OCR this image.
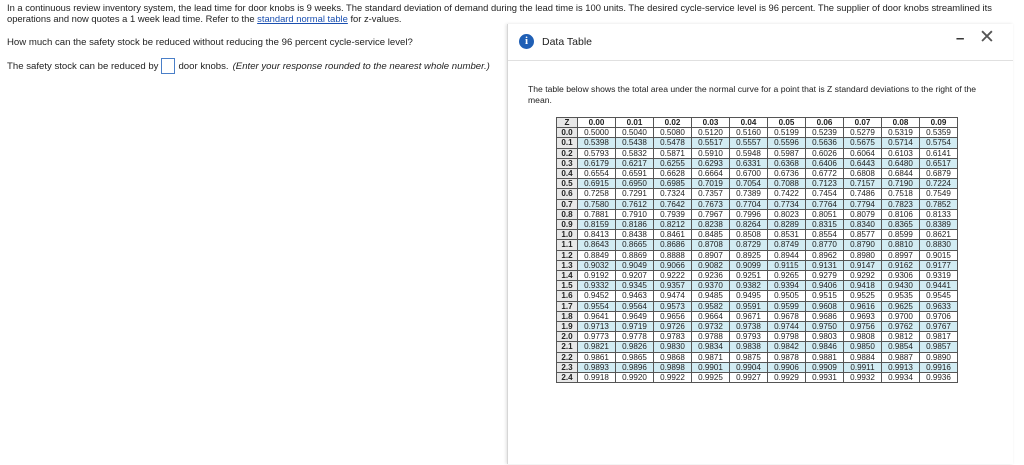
In a continuous review inventory system, the lead time for door knobs is 9 weeks. The standard deviation of demand during the lead time is 100 units. The desired cycle-service level is 96 percent. The supplier of door knobs streamlined its operations and now quotes a 1 week lead time. Refer to the standard normal table for z-values.
How much can the safety stock be reduced without reducing the 96 percent cycle-service level?
The safety stock can be reduced by door knobs. (Enter your response rounded to the nearest whole number.)
i	Data Table	– ✕
The table below shows the total area under the normal curve for a point that is Z standard deviations to the right of the mean.
Z	0.00	0.01	0.02	0.03	0.04	0.05	0.06	0.07	0.08	0.09
0.0	0.5000	0.5040	0.5080	0.5120	0.5160	0.5199	0.5239	0.5279	0.5319	0.5359
0.1	0.5398	0.5438	0.5478	0.5517	0.5557	0.5596	0.5636	0.5675	0.5714	0.5754
0.2	0.5793	0.5832	0.5871	0.5910	0.5948	0.5987	0.6026	0.6064	0.6103	0.6141
0.3	0.6179	0.6217	0.6255	0.6293	0.6331	0.6368	0.6406	0.6443	0.6480	0.6517
0.4	0.6554	0.6591	0.6628	0.6664	0.6700	0.6736	0.6772	0.6808	0.6844	0.6879
0.5	0.6915	0.6950	0.6985	0.7019	0.7054	0.7088	0.7123	0.7157	0.7190	0.7224
0.6	0.7258	0.7291	0.7324	0.7357	0.7389	0.7422	0.7454	0.7486	0.7518	0.7549
0.7	0.7580	0.7612	0.7642	0.7673	0.7704	0.7734	0.7764	0.7794	0.7823	0.7852
0.8	0.7881	0.7910	0.7939	0.7967	0.7996	0.8023	0.8051	0.8079	0.8106	0.8133
0.9	0.8159	0.8186	0.8212	0.8238	0.8264	0.8289	0.8315	0.8340	0.8365	0.8389
1.0	0.8413	0.8438	0.8461	0.8485	0.8508	0.8531	0.8554	0.8577	0.8599	0.8621
1.1	0.8643	0.8665	0.8686	0.8708	0.8729	0.8749	0.8770	0.8790	0.8810	0.8830
1.2	0.8849	0.8869	0.8888	0.8907	0.8925	0.8944	0.8962	0.8980	0.8997	0.9015
1.3	0.9032	0.9049	0.9066	0.9082	0.9099	0.9115	0.9131	0.9147	0.9162	0.9177
1.4	0.9192	0.9207	0.9222	0.9236	0.9251	0.9265	0.9279	0.9292	0.9306	0.9319
1.5	0.9332	0.9345	0.9357	0.9370	0.9382	0.9394	0.9406	0.9418	0.9430	0.9441
1.6	0.9452	0.9463	0.9474	0.9485	0.9495	0.9505	0.9515	0.9525	0.9535	0.9545
1.7	0.9554	0.9564	0.9573	0.9582	0.9591	0.9599	0.9608	0.9616	0.9625	0.9633
1.8	0.9641	0.9649	0.9656	0.9664	0.9671	0.9678	0.9686	0.9693	0.9700	0.9706
1.9	0.9713	0.9719	0.9726	0.9732	0.9738	0.9744	0.9750	0.9756	0.9762	0.9767
2.0	0.9773	0.9778	0.9783	0.9788	0.9793	0.9798	0.9803	0.9808	0.9812	0.9817
2.1	0.9821	0.9826	0.9830	0.9834	0.9838	0.9842	0.9846	0.9850	0.9854	0.9857
2.2	0.9861	0.9865	0.9868	0.9871	0.9875	0.9878	0.9881	0.9884	0.9887	0.9890
2.3	0.9893	0.9896	0.9898	0.9901	0.9904	0.9906	0.9909	0.9911	0.9913	0.9916
2.4	0.9918	0.9920	0.9922	0.9925	0.9927	0.9929	0.9931	0.9932	0.9934	0.9936
